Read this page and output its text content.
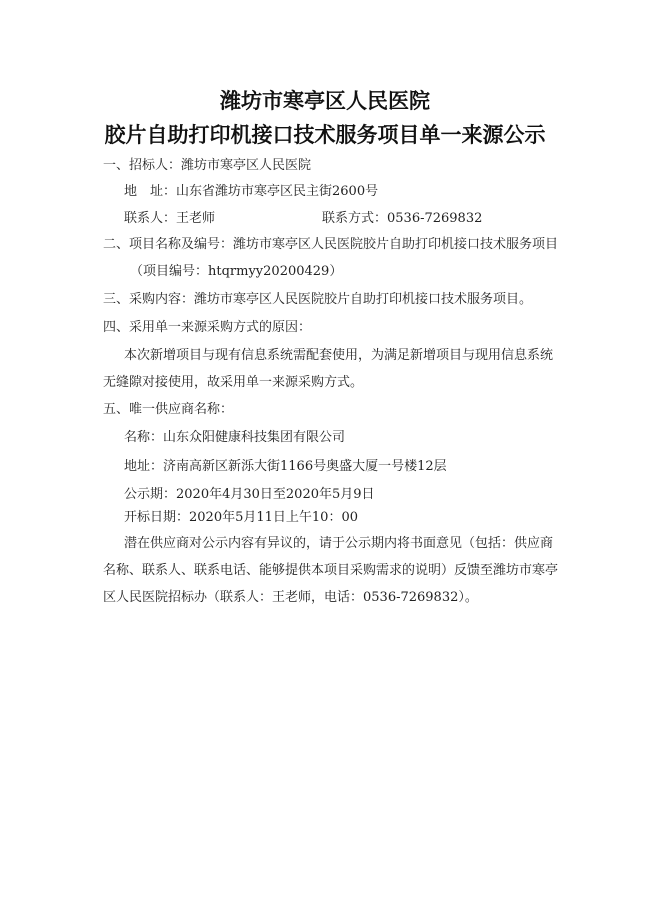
潍坊市寒亭区人民医院
胶片自助打印机接口技术服务项目单一来源公示
一、招标人：潍坊市寒亭区人民医院
地　址：山东省潍坊市寒亭区民主街2600号
联系人：王老师	联系方式：0536-7269832
二、项目名称及编号：潍坊市寒亭区人民医院胶片自助打印机接口技术服务项目
（项目编号：htqrmyy20200429）
三、采购内容：潍坊市寒亭区人民医院胶片自助打印机接口技术服务项目。
四、采用单一来源采购方式的原因：
本次新增项目与现有信息系统需配套使用，为满足新增项目与现用信息系统
无缝隙对接使用，故采用单一来源采购方式。
五、唯一供应商名称：
名称：山东众阳健康科技集团有限公司
地址：济南高新区新泺大街1166号奥盛大厦一号楼12层
公示期：2020年4月30日至2020年5月9日
开标日期：2020年5月11日上午10：00
潜在供应商对公示内容有异议的，请于公示期内将书面意见（包括：供应商
名称、联系人、联系电话、能够提供本项目采购需求的说明）反馈至潍坊市寒亭
区人民医院招标办（联系人：王老师，电话：0536-7269832）。
